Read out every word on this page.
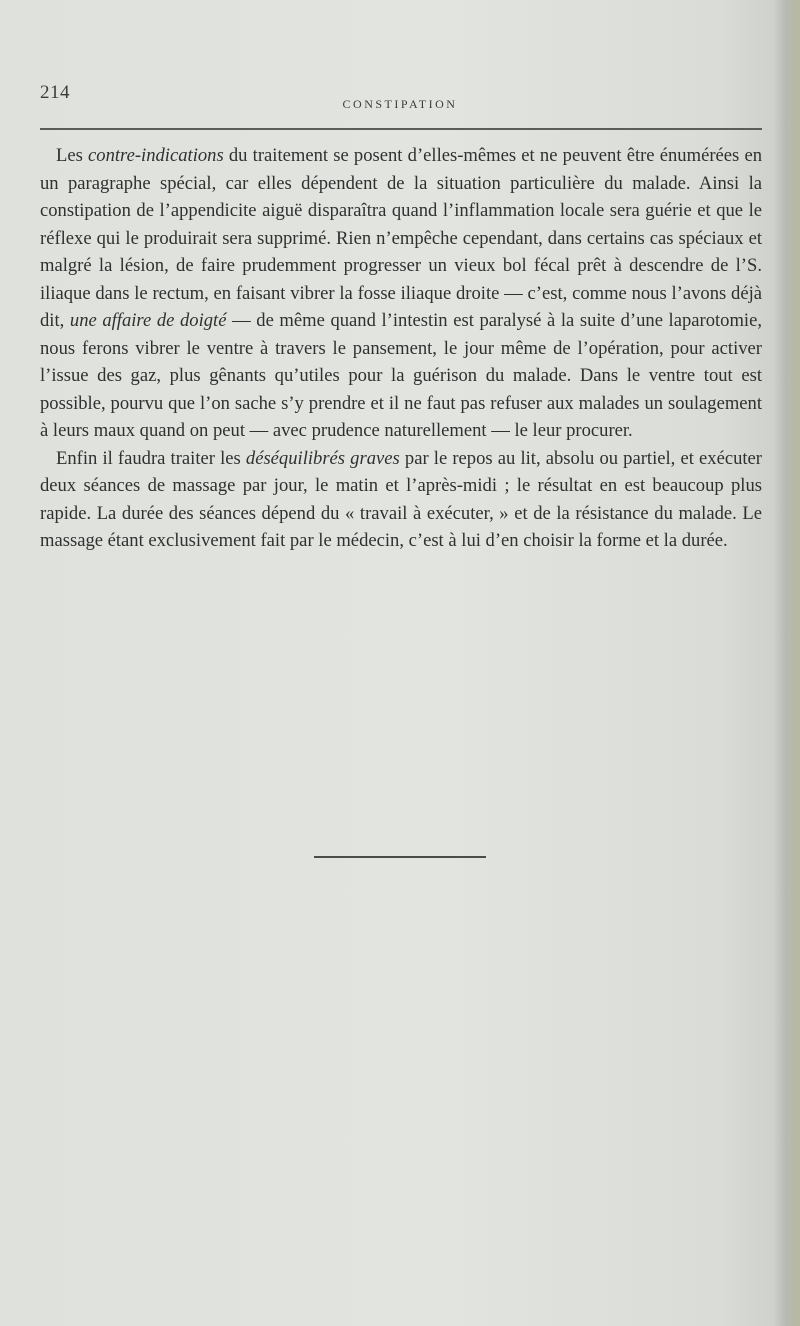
214
CONSTIPATION

Les contre-indications du traitement se posent d’elles-mêmes et ne peuvent être énumérées en un paragraphe spécial, car elles dépendent de la situation particulière du malade. Ainsi la constipation de l’appendicite aiguë disparaîtra quand l’inflammation locale sera guérie et que le réflexe qui le produirait sera supprimé. Rien n’empêche cependant, dans certains cas spéciaux et malgré la lésion, de faire prudemment progresser un vieux bol fécal prêt à descendre de l’S. iliaque dans le rectum, en faisant vibrer la fosse iliaque droite — c’est, comme nous l’avons déjà dit, une affaire de doigté — de même quand l’intestin est paralysé à la suite d’une laparotomie, nous ferons vibrer le ventre à travers le pansement, le jour même de l’opération, pour activer l’issue des gaz, plus gênants qu’utiles pour la guérison du malade. Dans le ventre tout est possible, pourvu que l’on sache s’y prendre et il ne faut pas refuser aux malades un soulagement à leurs maux quand on peut — avec prudence naturellement — le leur procurer.

Enfin il faudra traiter les déséquilibrés graves par le repos au lit, absolu ou partiel, et exécuter deux séances de massage par jour, le matin et l’après-midi ; le résultat en est beaucoup plus rapide. La durée des séances dépend du « travail à exécuter, » et de la résistance du malade. Le massage étant exclusivement fait par le médecin, c’est à lui d’en choisir la forme et la durée.
